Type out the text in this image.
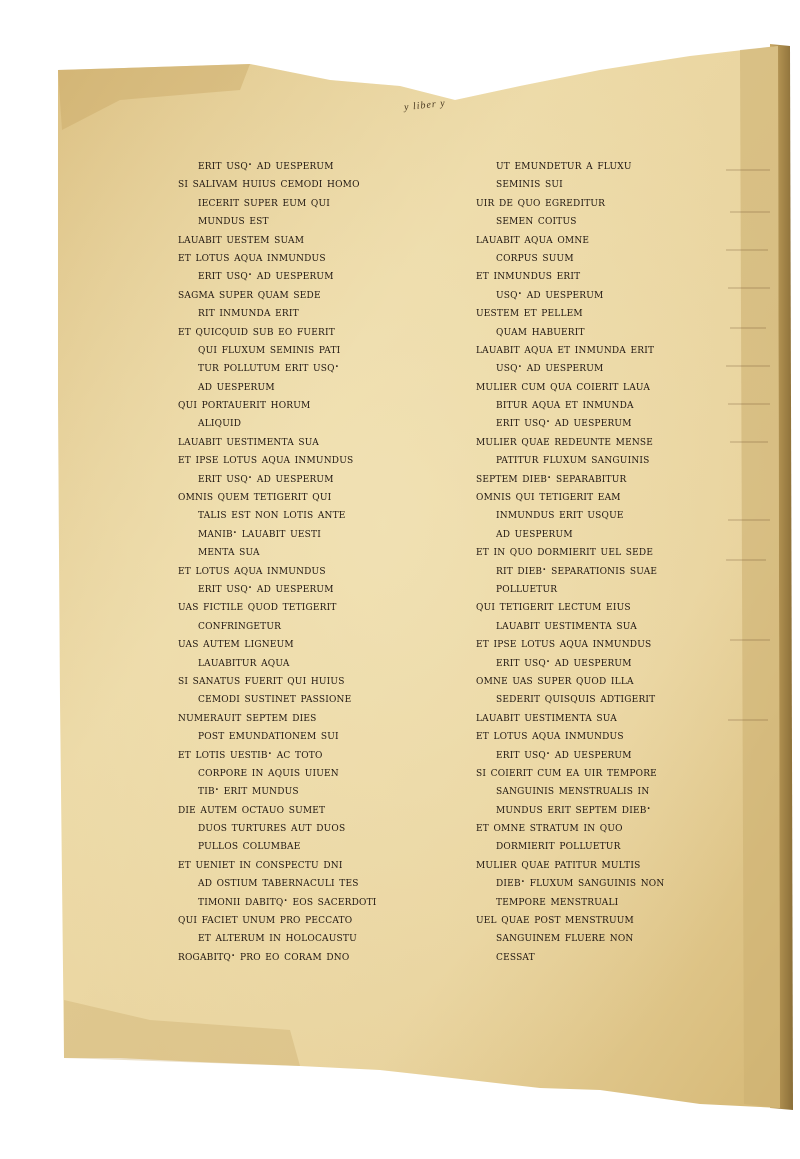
y liber y
erit usq· ad uesperum
si salivam huius cemodi homo
iecerit super eum qui
mundus est
lauabit uestem suam
et lotus aqua inmundus
erit usq· ad uesperum
sagma super quam sede
rit inmunda erit
et quicquid sub eo fuerit
qui fluxum seminis pati
tur pollutum erit usq·
ad uesperum
qui portauerit horum
aliquid
lauabit uestimenta sua
et ipse lotus aqua inmundus
erit usq· ad uesperum
omnis quem tetigerit qui
talis est non lotis ante
manib· lauabit uesti
menta sua
et lotus aqua inmundus
erit usq· ad uesperum
uas fictile quod tetigerit
confringetur
uas autem ligneum
lauabitur aqua
si sanatus fuerit qui huius
cemodi sustinet passione
numerauit septem dies
post emundationem sui
et lotis uestib· ac toto
corpore in aquis uiuen
tib· erit mundus
die autem octauo sumet
duos turtures aut duos
pullos columbae
et ueniet in conspectu dni
ad ostium tabernaculi tes
timonii dabitq· eos sacerdoti
qui faciet unum pro peccato
et alterum in holocaustu
rogabitq· pro eo coram dno
ut emundetur a fluxu
seminis sui
uir de quo egreditur
semen coitus
lauabit aqua omne
corpus suum
et inmundus erit
usq· ad uesperum
uestem et pellem
quam habuerit
lauabit aqua et inmunda erit
usq· ad uesperum
mulier cum qua coierit laua
bitur aqua et inmunda
erit usq· ad uesperum
mulier quae redeunte mense
patitur fluxum sanguinis
septem dieb· separabitur
omnis qui tetigerit eam
inmundus erit usque
ad uesperum
et in quo dormierit uel sede
rit dieb· separationis suae
polluetur
qui tetigerit lectum eius
lauabit uestimenta sua
et ipse lotus aqua inmundus
erit usq· ad uesperum
omne uas super quod illa
sederit quisquis adtigerit
lauabit uestimenta sua
et lotus aqua inmundus
erit usq· ad uesperum
si coierit cum ea uir tempore
sanguinis menstrualis in
mundus erit septem dieb·
et omne stratum in quo
dormierit polluetur
mulier quae patitur multis
dieb· fluxum sanguinis non
tempore menstruali
uel quae post menstruum
sanguinem fluere non
cessat
